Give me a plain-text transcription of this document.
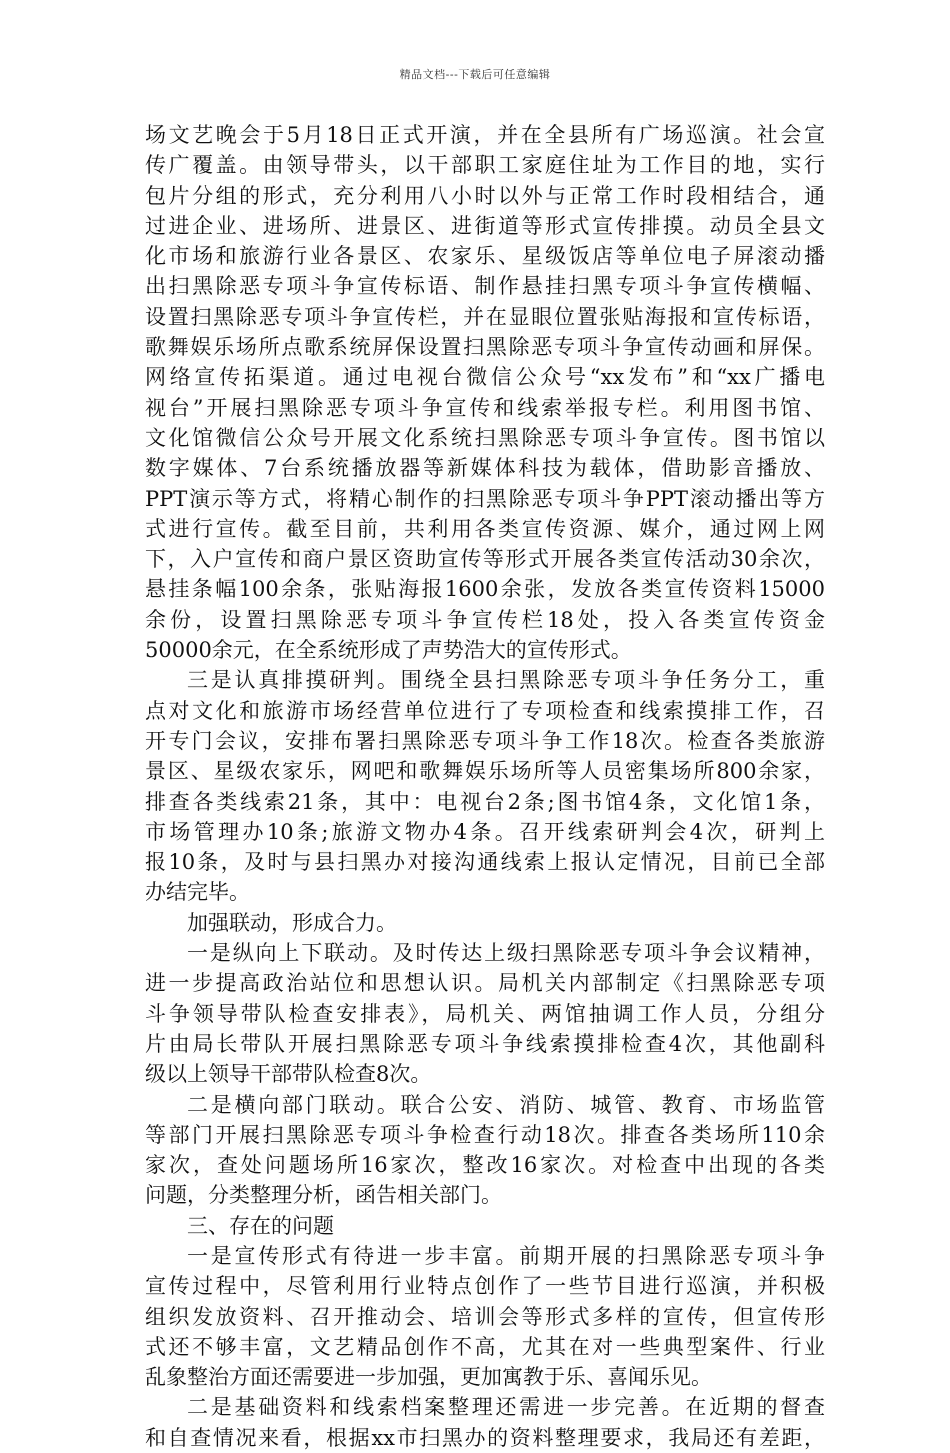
精品文档---下载后可任意编辑
场文艺晚会于5月18日正式开演，并在全县所有广场巡演。社会宣
传广覆盖。由领导带头，以干部职工家庭住址为工作目的地，实行
包片分组的形式，充分利用八小时以外与正常工作时段相结合，通
过进企业、进场所、进景区、进街道等形式宣传排摸。动员全县文
化市场和旅游行业各景区、农家乐、星级饭店等单位电子屏滚动播
出扫黑除恶专项斗争宣传标语、制作悬挂扫黑专项斗争宣传横幅、
设置扫黑除恶专项斗争宣传栏，并在显眼位置张贴海报和宣传标语，
歌舞娱乐场所点歌系统屏保设置扫黑除恶专项斗争宣传动画和屏保。
网络宣传拓渠道。通过电视台微信公众号“xx发布”和“xx广播电
视台”开展扫黑除恶专项斗争宣传和线索举报专栏。利用图书馆、
文化馆微信公众号开展文化系统扫黑除恶专项斗争宣传。图书馆以
数字媒体、7台系统播放器等新媒体科技为载体，借助影音播放、
PPT演示等方式，将精心制作的扫黑除恶专项斗争PPT滚动播出等方
式进行宣传。截至目前，共利用各类宣传资源、媒介，通过网上网
下，入户宣传和商户景区资助宣传等形式开展各类宣传活动30余次，
悬挂条幅100余条，张贴海报1600余张，发放各类宣传资料15000
余份，设置扫黑除恶专项斗争宣传栏18处，投入各类宣传资金
50000余元，在全系统形成了声势浩大的宣传形式。
三是认真排摸研判。围绕全县扫黑除恶专项斗争任务分工，重
点对文化和旅游市场经营单位进行了专项检查和线索摸排工作，召
开专门会议，安排布署扫黑除恶专项斗争工作18次。检查各类旅游
景区、星级农家乐，网吧和歌舞娱乐场所等人员密集场所800余家，
排查各类线索21条，其中：电视台2条;图书馆4条，文化馆1条，
市场管理办10条;旅游文物办4条。召开线索研判会4次，研判上
报10条，及时与县扫黑办对接沟通线索上报认定情况，目前已全部
办结完毕。
加强联动，形成合力。
一是纵向上下联动。及时传达上级扫黑除恶专项斗争会议精神，
进一步提高政治站位和思想认识。局机关内部制定《扫黑除恶专项
斗争领导带队检查安排表》，局机关、两馆抽调工作人员，分组分
片由局长带队开展扫黑除恶专项斗争线索摸排检查4次，其他副科
级以上领导干部带队检查8次。
二是横向部门联动。联合公安、消防、城管、教育、市场监管
等部门开展扫黑除恶专项斗争检查行动18次。排查各类场所110余
家次，查处问题场所16家次，整改16家次。对检查中出现的各类
问题，分类整理分析，函告相关部门。
三、存在的问题
一是宣传形式有待进一步丰富。前期开展的扫黑除恶专项斗争
宣传过程中，尽管利用行业特点创作了一些节目进行巡演，并积极
组织发放资料、召开推动会、培训会等形式多样的宣传，但宣传形
式还不够丰富，文艺精品创作不高，尤其在对一些典型案件、行业
乱象整治方面还需要进一步加强，更加寓教于乐、喜闻乐见。
二是基础资料和线索档案整理还需进一步完善。在近期的督查
和自查情况来看，根据xx市扫黑办的资料整理要求，我局还有差距，
